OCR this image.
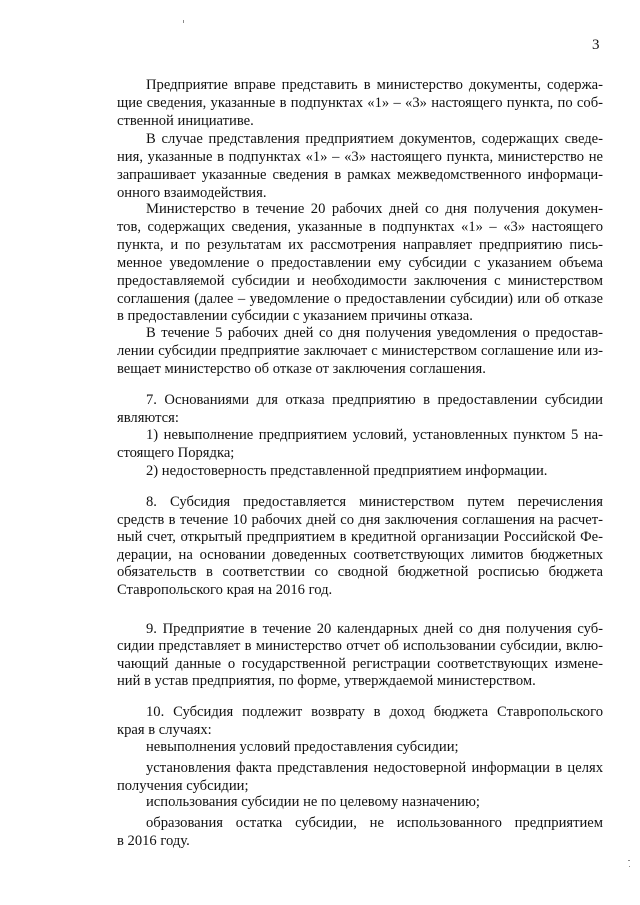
3
Предприятие вправе представить в министерство документы, содержа-
щие сведения, указанные в подпунктах «1» – «3» настоящего пункта, по соб-
ственной инициативе.
В случае представления предприятием документов, содержащих сведе-
ния, указанные в подпунктах «1» – «3» настоящего пункта, министерство не
запрашивает указанные сведения в рамках межведомственного информаци-
онного взаимодействия.
Министерство в течение 20 рабочих дней со дня получения докумен-
тов, содержащих сведения, указанные в подпунктах «1» – «3» настоящего
пункта, и по результатам их рассмотрения направляет предприятию пись-
менное уведомление о предоставлении ему субсидии с указанием объема
предоставляемой субсидии и необходимости заключения с министерством
соглашения (далее – уведомление о предоставлении субсидии) или об отказе
в предоставлении субсидии с указанием причины отказа.
В течение 5 рабочих дней со дня получения уведомления о предостав-
лении субсидии предприятие заключает с министерством соглашение или из-
вещает министерство об отказе от заключения соглашения.
7. Основаниями для отказа предприятию в предоставлении субсидии
являются:
1) невыполнение предприятием условий, установленных пунктом 5 на-
стоящего Порядка;
2) недостоверность представленной предприятием информации.
8. Субсидия предоставляется министерством путем перечисления
средств в течение 10 рабочих дней со дня заключения соглашения на расчет-
ный счет, открытый предприятием в кредитной организации Российской Фе-
дерации, на основании доведенных соответствующих лимитов бюджетных
обязательств в соответствии со сводной бюджетной росписью бюджета
Ставропольского края на 2016 год.
9. Предприятие в течение 20 календарных дней со дня получения суб-
сидии представляет в министерство отчет об использовании субсидии, вклю-
чающий данные о государственной регистрации соответствующих измене-
ний в устав предприятия, по форме, утверждаемой министерством.
10. Субсидия подлежит возврату в доход бюджета Ставропольского
края в случаях:
невыполнения условий предоставления субсидии;
установления факта представления недостоверной информации в целях
получения субсидии;
использования субсидии не по целевому назначению;
образования остатка субсидии, не использованного предприятием
в 2016 году.
